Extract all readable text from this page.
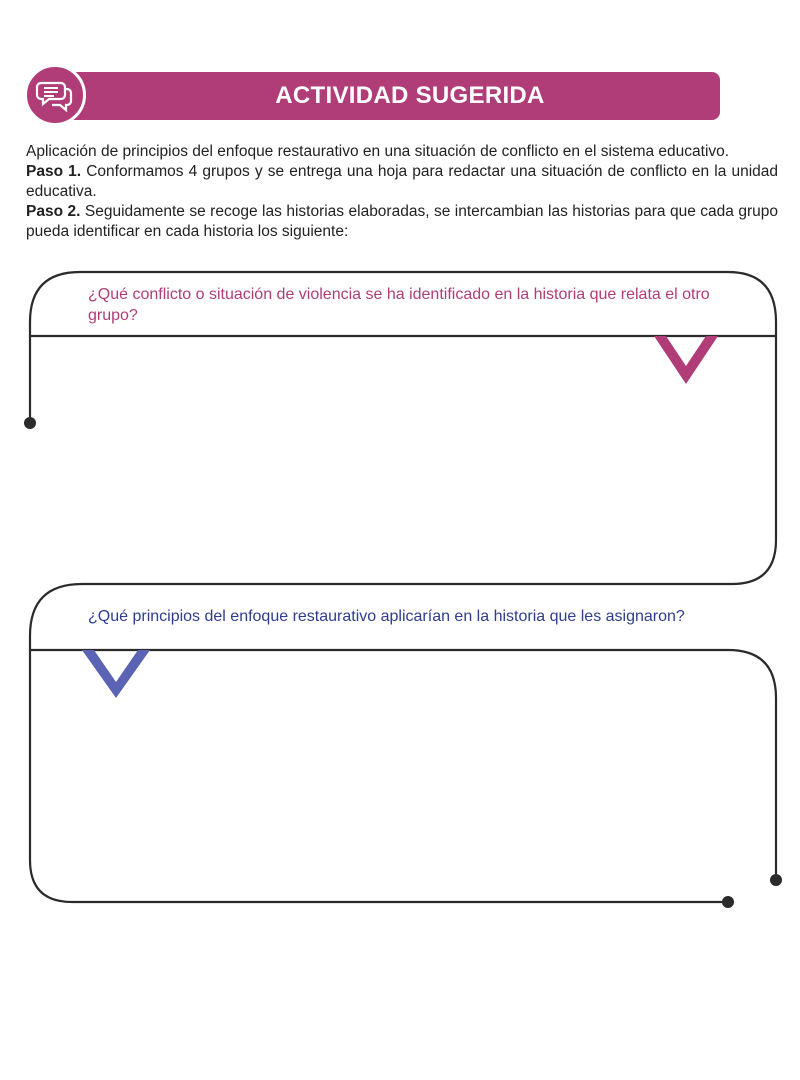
ACTIVIDAD SUGERIDA

Aplicación de principios del enfoque restaurativo en una situación de conflicto en el sistema educativo.

Paso 1. Conformamos 4 grupos y se entrega una hoja para redactar una situación de conflicto en la unidad educativa.

Paso 2. Seguidamente se recoge las historias elaboradas, se intercambian las historias para que cada grupo pueda identificar en cada historia los siguiente:

¿Qué conflicto o situación de violencia se ha identificado en la historia que relata el otro grupo?
¿Qué principios del enfoque restaurativo aplicarían en la historia que les asignaron?
